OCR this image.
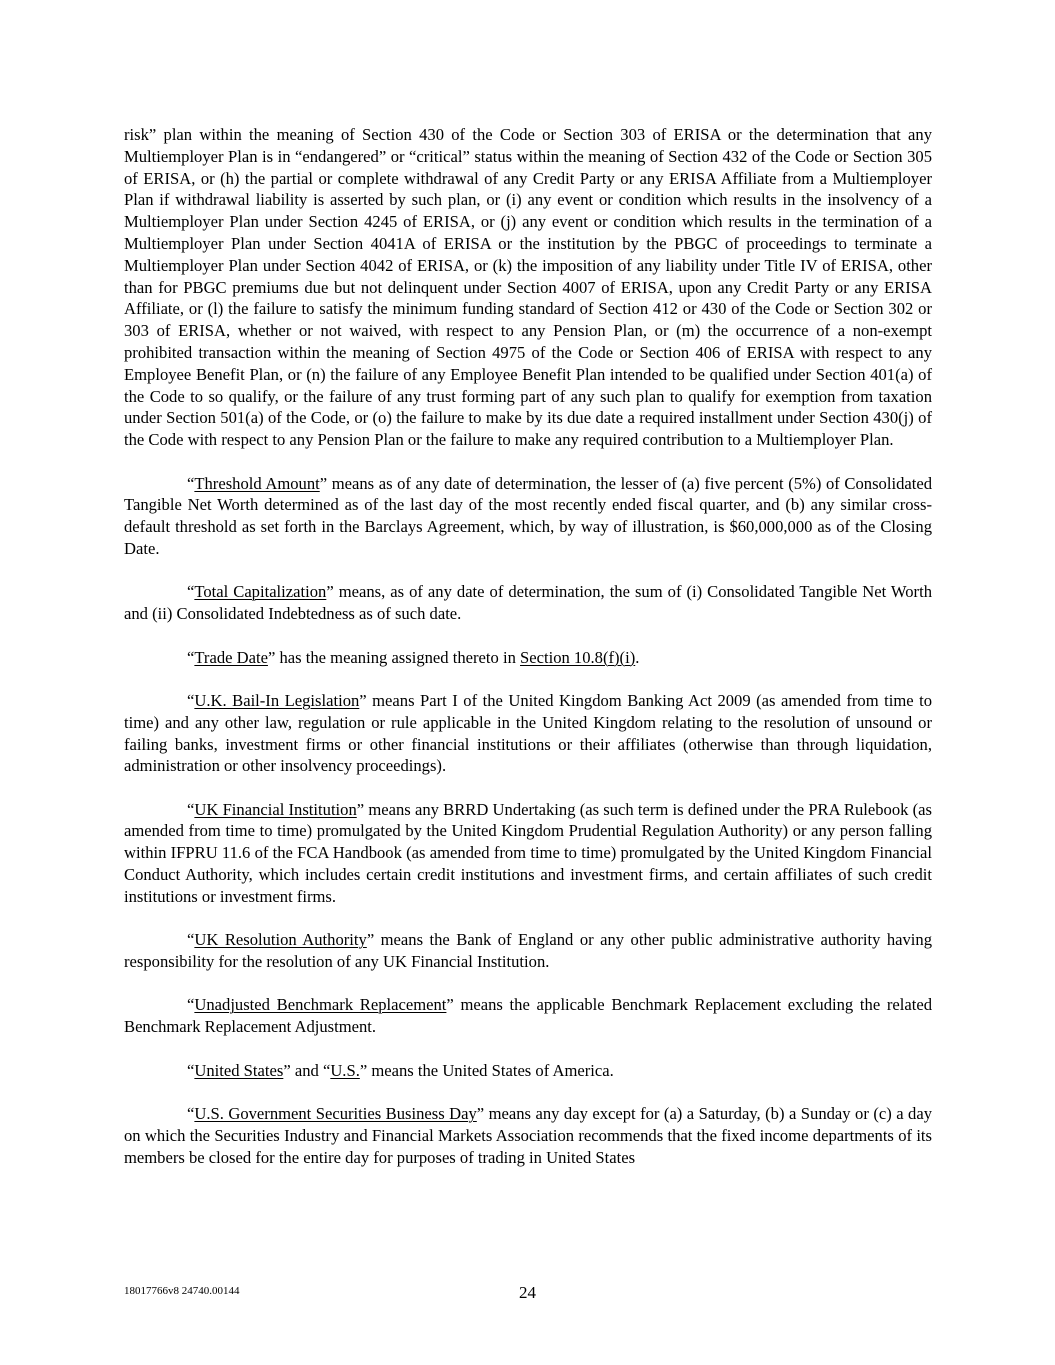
risk” plan within the meaning of Section 430 of the Code or Section 303 of ERISA or the determination that any Multiemployer Plan is in “endangered” or “critical” status within the meaning of Section 432 of the Code or Section 305 of ERISA, or (h) the partial or complete withdrawal of any Credit Party or any ERISA Affiliate from a Multiemployer Plan if withdrawal liability is asserted by such plan, or (i) any event or condition which results in the insolvency of a Multiemployer Plan under Section 4245 of ERISA, or (j) any event or condition which results in the termination of a Multiemployer Plan under Section 4041A of ERISA or the institution by the PBGC of proceedings to terminate a Multiemployer Plan under Section 4042 of ERISA, or (k) the imposition of any liability under Title IV of ERISA, other than for PBGC premiums due but not delinquent under Section 4007 of ERISA, upon any Credit Party or any ERISA Affiliate, or (l) the failure to satisfy the minimum funding standard of Section 412 or 430 of the Code or Section 302 or 303 of ERISA, whether or not waived, with respect to any Pension Plan, or (m) the occurrence of a non-exempt prohibited transaction within the meaning of Section 4975 of the Code or Section 406 of ERISA with respect to any Employee Benefit Plan, or (n) the failure of any Employee Benefit Plan intended to be qualified under Section 401(a) of the Code to so qualify, or the failure of any trust forming part of any such plan to qualify for exemption from taxation under Section 501(a) of the Code, or (o) the failure to make by its due date a required installment under Section 430(j) of the Code with respect to any Pension Plan or the failure to make any required contribution to a Multiemployer Plan.

“Threshold Amount” means as of any date of determination, the lesser of (a) five percent (5%) of Consolidated Tangible Net Worth determined as of the last day of the most recently ended fiscal quarter, and (b) any similar cross-default threshold as set forth in the Barclays Agreement, which, by way of illustration, is $60,000,000 as of the Closing Date.

“Total Capitalization” means, as of any date of determination, the sum of (i) Consolidated Tangible Net Worth and (ii) Consolidated Indebtedness as of such date.

“Trade Date” has the meaning assigned thereto in Section 10.8(f)(i).

“U.K. Bail-In Legislation” means Part I of the United Kingdom Banking Act 2009 (as amended from time to time) and any other law, regulation or rule applicable in the United Kingdom relating to the resolution of unsound or failing banks, investment firms or other financial institutions or their affiliates (otherwise than through liquidation, administration or other insolvency proceedings).

“UK Financial Institution” means any BRRD Undertaking (as such term is defined under the PRA Rulebook (as amended from time to time) promulgated by the United Kingdom Prudential Regulation Authority) or any person falling within IFPRU 11.6 of the FCA Handbook (as amended from time to time) promulgated by the United Kingdom Financial Conduct Authority, which includes certain credit institutions and investment firms, and certain affiliates of such credit institutions or investment firms.

“UK Resolution Authority” means the Bank of England or any other public administrative authority having responsibility for the resolution of any UK Financial Institution.

“Unadjusted Benchmark Replacement” means the applicable Benchmark Replacement excluding the related Benchmark Replacement Adjustment.

“United States” and “U.S.” means the United States of America.

“U.S. Government Securities Business Day” means any day except for (a) a Saturday, (b) a Sunday or (c) a day on which the Securities Industry and Financial Markets Association recommends that the fixed income departments of its members be closed for the entire day for purposes of trading in United States

18017766v8 24740.00144	24
